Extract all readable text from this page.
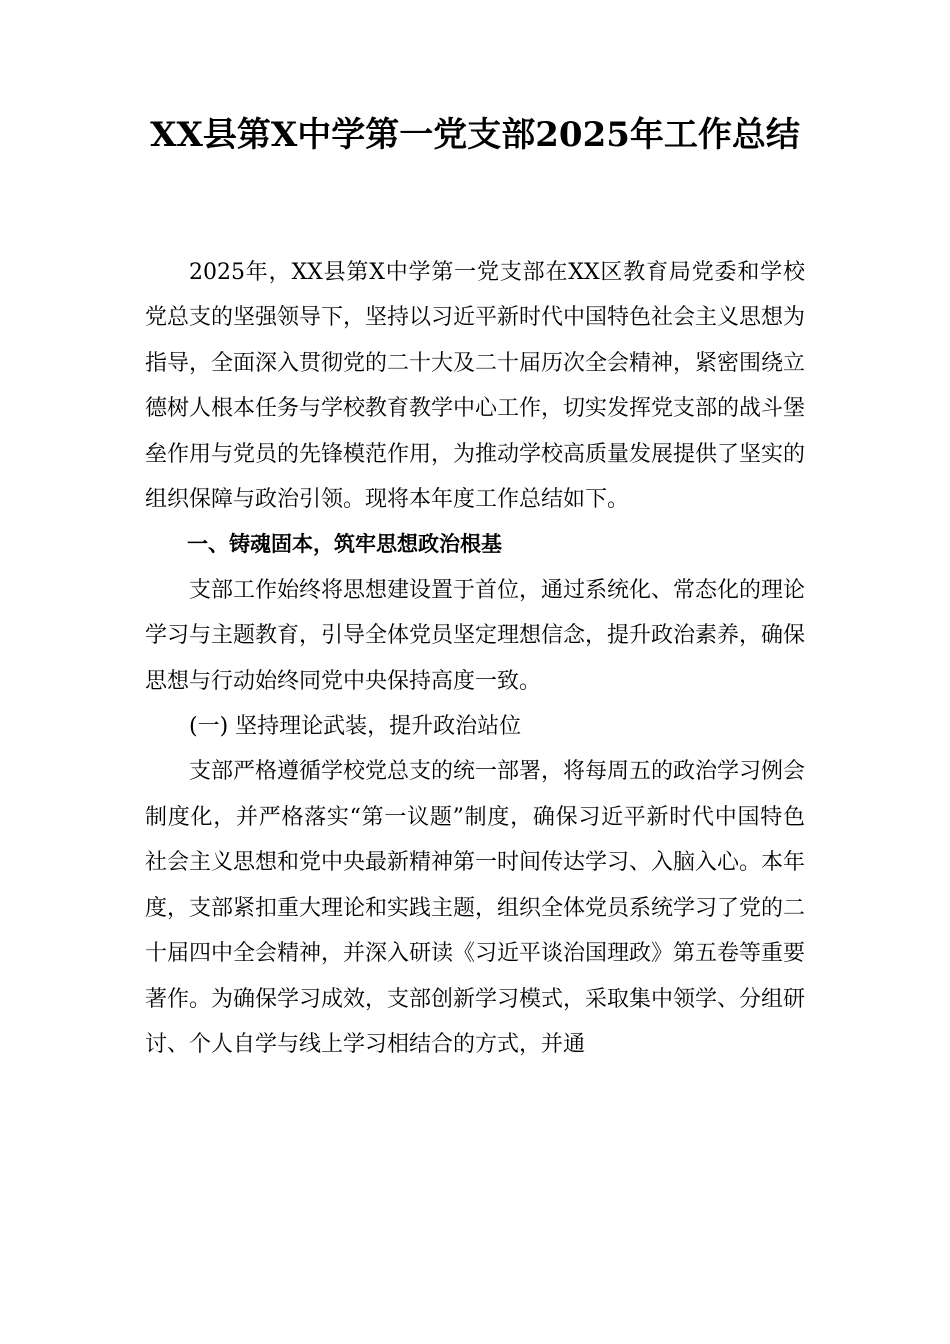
XX县第X中学第一党支部2025年工作总结

2025年，XX县第X中学第一党支部在XX区教育局党委和学校党总支的坚强领导下，坚持以习近平新时代中国特色社会主义思想为指导，全面深入贯彻党的二十大及二十届历次全会精神，紧密围绕立德树人根本任务与学校教育教学中心工作，切实发挥党支部的战斗堡垒作用与党员的先锋模范作用，为推动学校高质量发展提供了坚实的组织保障与政治引领。现将本年度工作总结如下。

一、铸魂固本，筑牢思想政治根基

支部工作始终将思想建设置于首位，通过系统化、常态化的理论学习与主题教育，引导全体党员坚定理想信念，提升政治素养，确保思想与行动始终同党中央保持高度一致。

(一) 坚持理论武装，提升政治站位

支部严格遵循学校党总支的统一部署，将每周五的政治学习例会制度化，并严格落实“第一议题”制度，确保习近平新时代中国特色社会主义思想和党中央最新精神第一时间传达学习、入脑入心。本年度，支部紧扣重大理论和实践主题，组织全体党员系统学习了党的二十届四中全会精神，并深入研读《习近平谈治国理政》第五卷等重要著作。为确保学习成效，支部创新学习模式，采取集中领学、分组研讨、个人自学与线上学习相结合的方式，并通
